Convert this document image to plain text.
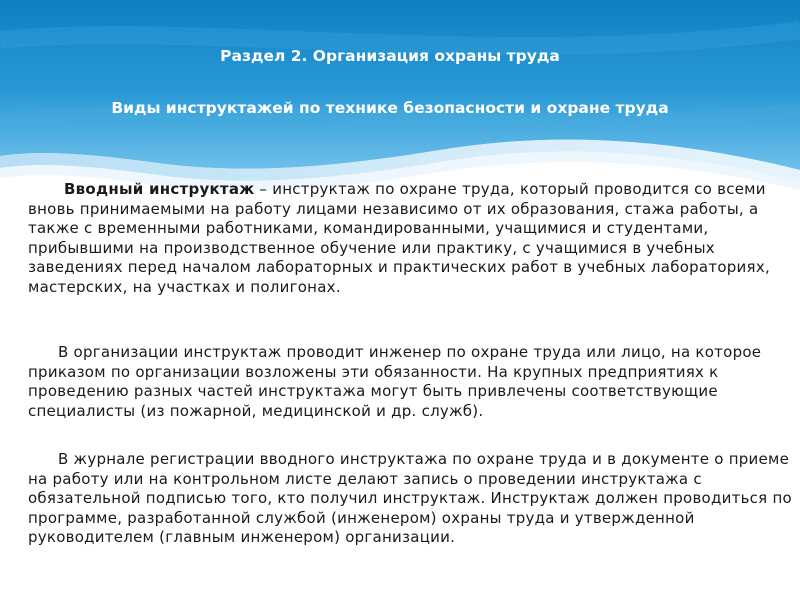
Раздел 2. Организация охраны труда
Виды инструктажей по технике безопасности и охране труда

Вводный инструктаж – инструктаж по охране труда, который проводится со всеми вновь принимаемыми на работу лицами независимо от их образования, стажа работы, а также с временными работниками, командированными, учащимися и студентами, прибывшими на производственное обучение или практику, с учащимися в учебных заведениях перед началом лабораторных и практических работ в учебных лабораториях, мастерских, на участках и полигонах.

В организации инструктаж проводит инженер по охране труда или лицо, на которое приказом по организации возложены эти обязанности. На крупных предприятиях к проведению разных частей инструктажа могут быть привлечены соответствующие специалисты (из пожарной, медицинской и др. служб).

В журнале регистрации вводного инструктажа по охране труда и в документе о приеме на работу или на контрольном листе делают запись о проведении инструктажа с обязательной подписью того, кто получил инструктаж. Инструктаж должен проводиться по программе, разработанной службой (инженером) охраны труда и утвержденной руководителем (главным инженером) организации.
